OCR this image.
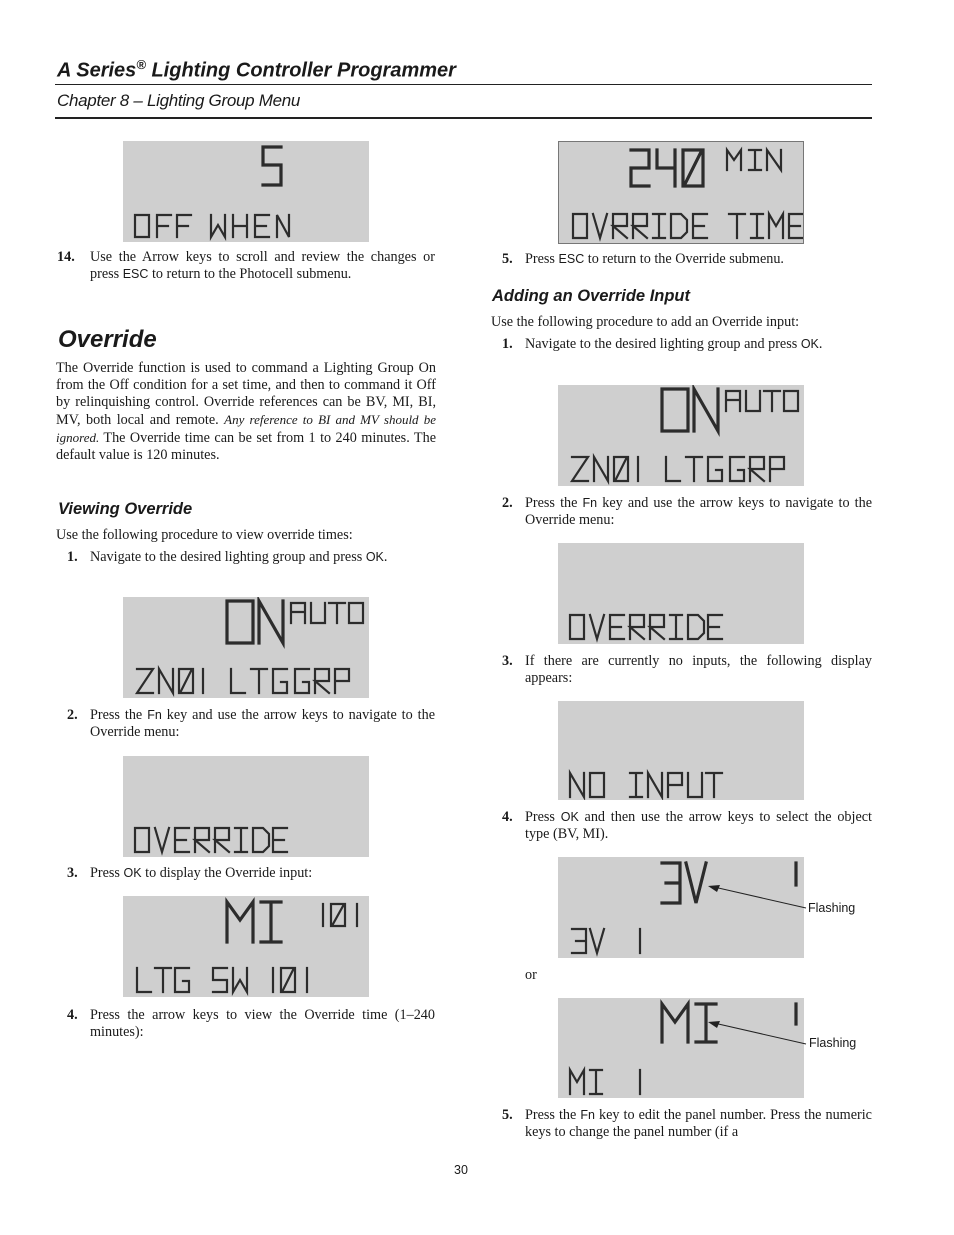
A Series® Lighting Controller Programmer
Chapter 8 – Lighting Group Menu
14.	Use the Arrow keys to scroll and review the changes or press ESC to return to the Photocell submenu.
Override
The Override function is used to command a Lighting Group On from the Off condition for a set time, and then to command it Off by relinquishing control. Override references can be BV, MI, BI, MV, both local and remote. Any reference to BI and MV should be ignored. The Override time can be set from 1 to 240 minutes. The default value is 120 minutes.
Viewing Override
Use the following procedure to view override times:
1. Navigate to the desired lighting group and press OK.
2. Press the Fn key and use the arrow keys to navigate to the Override menu:
3. Press OK to display the Override input:
4. Press the arrow keys to view the Override time (1–240 minutes):
5. Press ESC to return to the Override submenu.
Adding an Override Input
Use the following procedure to add an Override input:
1. Navigate to the desired lighting group and press OK.
2. Press the Fn key and use the arrow keys to navigate to the Override menu:
3. If there are currently no inputs, the following display appears:
4. Press OK and then use the arrow keys to select the object type (BV, MI).
Flashing
or
Flashing
5. Press the Fn key to edit the panel number. Press the numeric keys to change the panel number (if a
30
